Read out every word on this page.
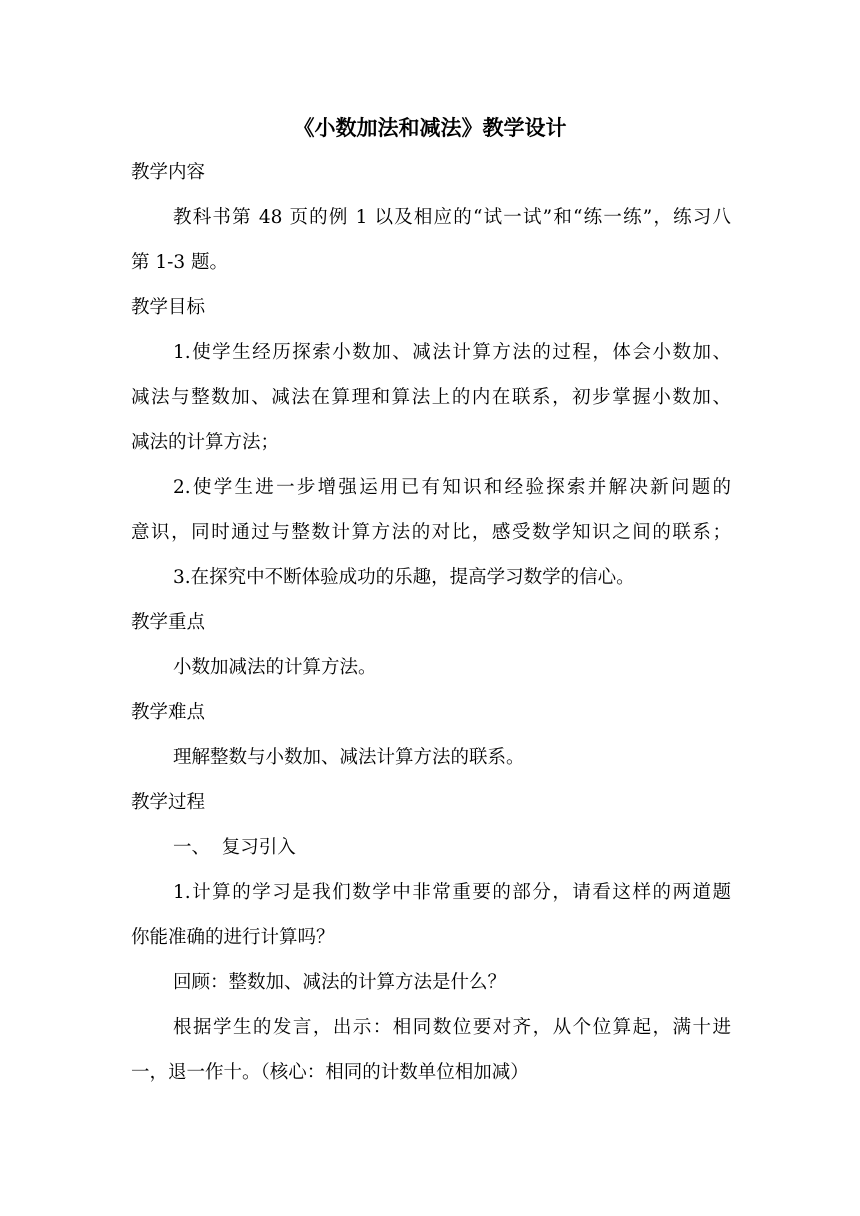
《小数加法和减法》教学设计

教学内容

教科书第 48 页的例 1 以及相应的“试一试”和“练一练”，练习八

第 1-3 题。

教学目标

1.使学生经历探索小数加、减法计算方法的过程，体会小数加、

减法与整数加、减法在算理和算法上的内在联系，初步掌握小数加、

减法的计算方法；

2.使学生进一步增强运用已有知识和经验探索并解决新问题的

意识，同时通过与整数计算方法的对比，感受数学知识之间的联系；

3.在探究中不断体验成功的乐趣，提高学习数学的信心。

教学重点

小数加减法的计算方法。

教学难点

理解整数与小数加、减法计算方法的联系。

教学过程

一、  复习引入

1.计算的学习是我们数学中非常重要的部分，请看这样的两道题

你能准确的进行计算吗？

回顾：整数加、减法的计算方法是什么？

根据学生的发言，出示：相同数位要对齐，从个位算起，满十进

一，退一作十。（核心：相同的计数单位相加减）
